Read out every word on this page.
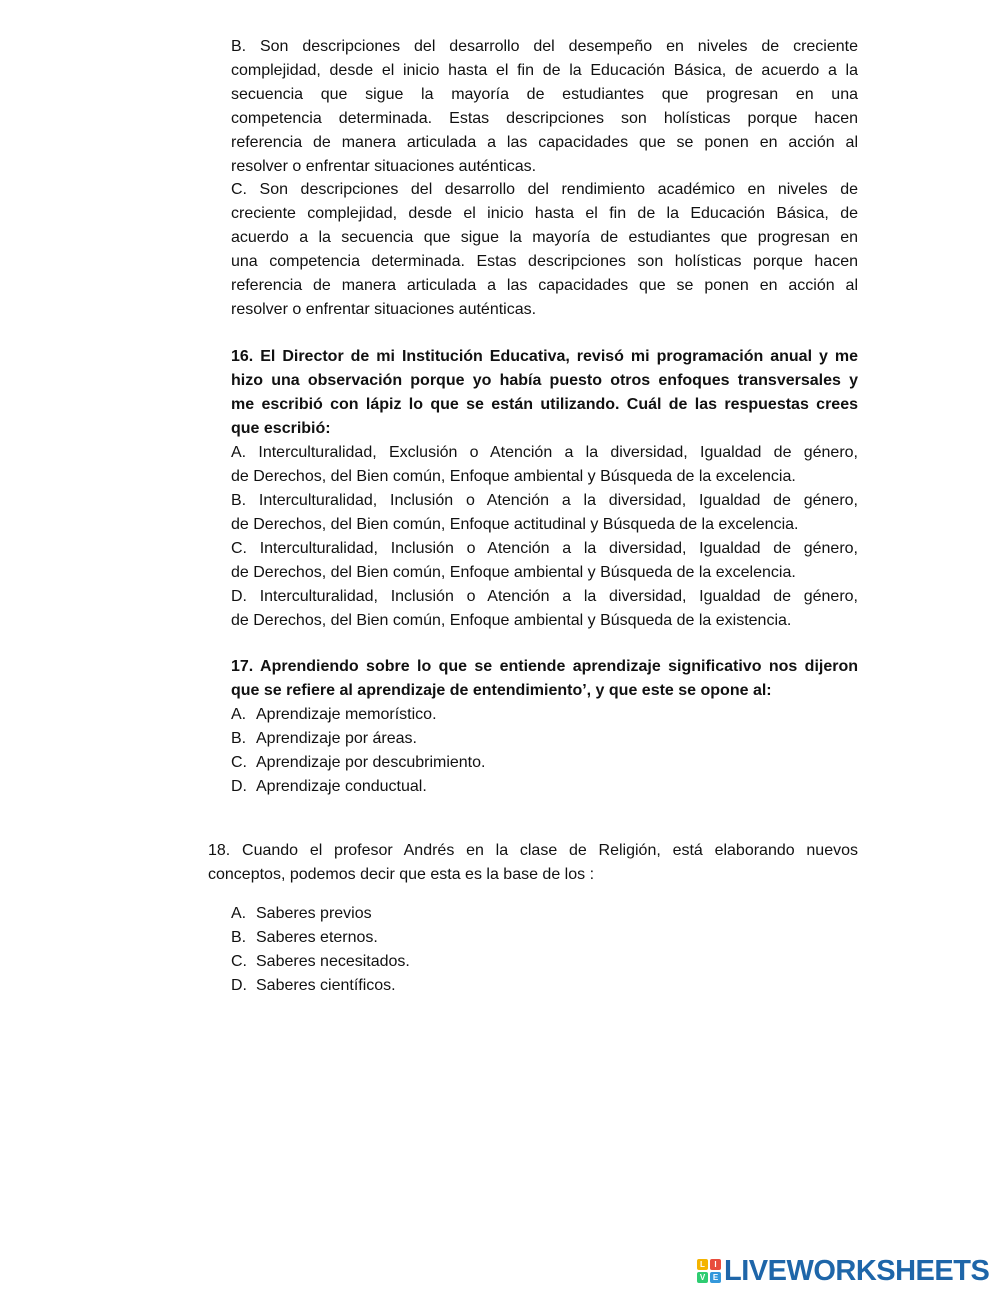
B. Son descripciones del desarrollo del desempeño en niveles de creciente
complejidad, desde el inicio hasta el fin de la Educación Básica, de acuerdo a la
secuencia que sigue la mayoría de estudiantes que progresan en una
competencia determinada. Estas descripciones son holísticas porque hacen
referencia de manera articulada a las capacidades que se ponen en acción al
resolver o enfrentar situaciones auténticas.
C. Son descripciones del desarrollo del rendimiento académico en niveles de
creciente complejidad, desde el inicio hasta el fin de la Educación Básica, de
acuerdo a la secuencia que sigue la mayoría de estudiantes que progresan en
una competencia determinada. Estas descripciones son holísticas porque hacen
referencia de manera articulada a las capacidades que se ponen en acción al
resolver o enfrentar situaciones auténticas.
16. El Director de mi Institución Educativa, revisó mi programación anual y me
hizo una observación porque yo había puesto otros enfoques transversales y
me escribió con lápiz lo que se están utilizando. Cuál de las respuestas crees
que escribió:
A. Interculturalidad, Exclusión o Atención a la diversidad, Igualdad de género,
de Derechos, del Bien común, Enfoque ambiental y Búsqueda de la excelencia.
B. Interculturalidad, Inclusión o Atención a la diversidad, Igualdad de género,
de Derechos, del Bien común, Enfoque actitudinal y Búsqueda de la excelencia.
C. Interculturalidad, Inclusión o Atención a la diversidad, Igualdad de género,
de Derechos, del Bien común, Enfoque ambiental y Búsqueda de la excelencia.
D. Interculturalidad, Inclusión o Atención a la diversidad, Igualdad de género,
de Derechos, del Bien común, Enfoque ambiental y Búsqueda de la existencia.
17. Aprendiendo sobre lo que se entiende aprendizaje significativo nos dijeron
que se refiere al aprendizaje de entendimiento’, y que este se opone al:
A. Aprendizaje memorístico.
B. Aprendizaje por áreas.
C. Aprendizaje por descubrimiento.
D. Aprendizaje conductual.
18. Cuando el profesor Andrés en la clase de Religión, está elaborando nuevos
conceptos, podemos decir que esta es la base de los :
A. Saberes previos
B. Saberes eternos.
C. Saberes necesitados.
D. Saberes científicos.
L	I
V E LIVEWORKSHEETS
